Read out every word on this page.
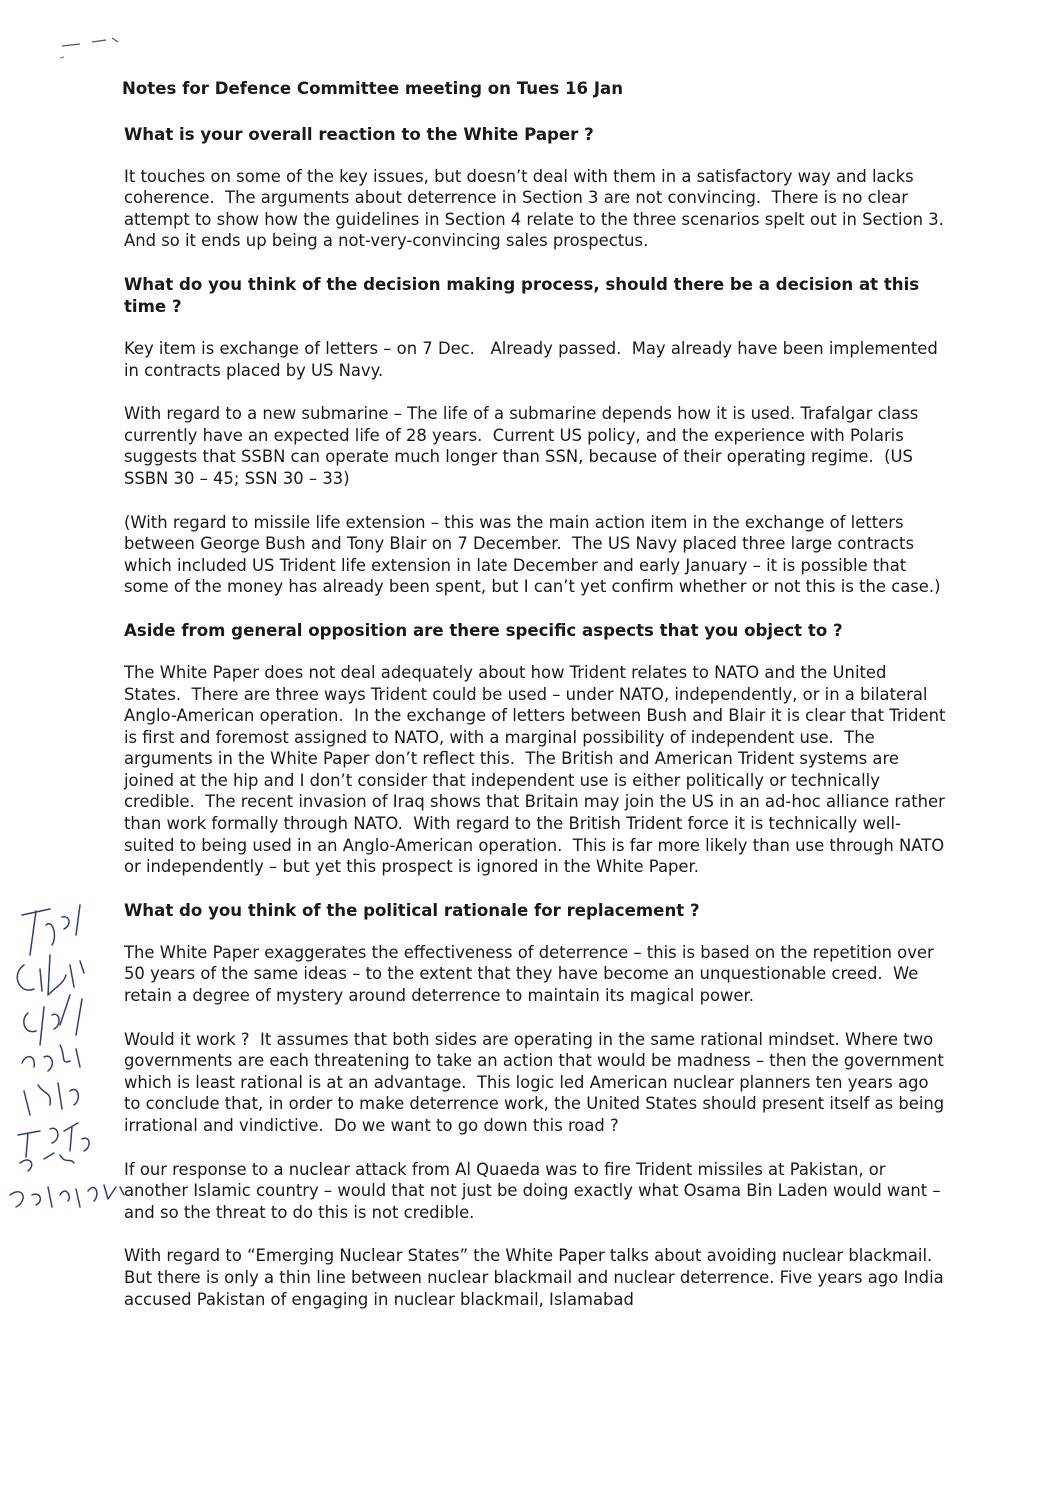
Notes for Defence Committee meeting on Tues 16 Jan
What is your overall reaction to the White Paper ?
It touches on some of the key issues, but doesn’t deal with them in a satisfactory way and lacks coherence.  The arguments about deterrence in Section 3 are not convincing.  There is no clear attempt to show how the guidelines in Section 4 relate to the three scenarios spelt out in Section 3.  And so it ends up being a not-very-convincing sales prospectus.
What do you think of the decision making process, should there be a decision at this time ?
Key item is exchange of letters – on 7 Dec.   Already passed.  May already have been implemented in contracts placed by US Navy.
With regard to a new submarine – The life of a submarine depends how it is used. Trafalgar class currently have an expected life of 28 years.  Current US policy, and the experience with Polaris suggests that SSBN can operate much longer than SSN, because of their operating regime.  (US SSBN 30 – 45; SSN 30 – 33)
(With regard to missile life extension – this was the main action item in the exchange of letters between George Bush and Tony Blair on 7 December.  The US Navy placed three large contracts which included US Trident life extension in late December and early January – it is possible that some of the money has already been spent, but I can’t yet confirm whether or not this is the case.)
Aside from general opposition are there specific aspects that you object to ?
The White Paper does not deal adequately about how Trident relates to NATO and the United States.  There are three ways Trident could be used – under NATO, independently, or in a bilateral Anglo-American operation.  In the exchange of letters between Bush and Blair it is clear that Trident is first and foremost assigned to NATO, with a marginal possibility of independent use.  The arguments in the White Paper don’t reflect this.  The British and American Trident systems are joined at the hip and I don’t consider that independent use is either politically or technically credible.  The recent invasion of Iraq shows that Britain may join the US in an ad-hoc alliance rather than work formally through NATO.  With regard to the British Trident force it is technically well-suited to being used in an Anglo-American operation.  This is far more likely than use through NATO or independently – but yet this prospect is ignored in the White Paper.
What do you think of the political rationale for replacement ?
The White Paper exaggerates the effectiveness of deterrence – this is based on the repetition over 50 years of the same ideas – to the extent that they have become an unquestionable creed.  We retain a degree of mystery around deterrence to maintain its magical power.
Would it work ?  It assumes that both sides are operating in the same rational mindset. Where two governments are each threatening to take an action that would be madness – then the government which is least rational is at an advantage.  This logic led American nuclear planners ten years ago to conclude that, in order to make deterrence work, the United States should present itself as being irrational and vindictive.  Do we want to go down this road ?
If our response to a nuclear attack from Al Quaeda was to fire Trident missiles at Pakistan, or another Islamic country – would that not just be doing exactly what Osama Bin Laden would want – and so the threat to do this is not credible.
With regard to “Emerging Nuclear States” the White Paper talks about avoiding nuclear blackmail.  But there is only a thin line between nuclear blackmail and nuclear deterrence. Five years ago India accused Pakistan of engaging in nuclear blackmail, Islamabad
